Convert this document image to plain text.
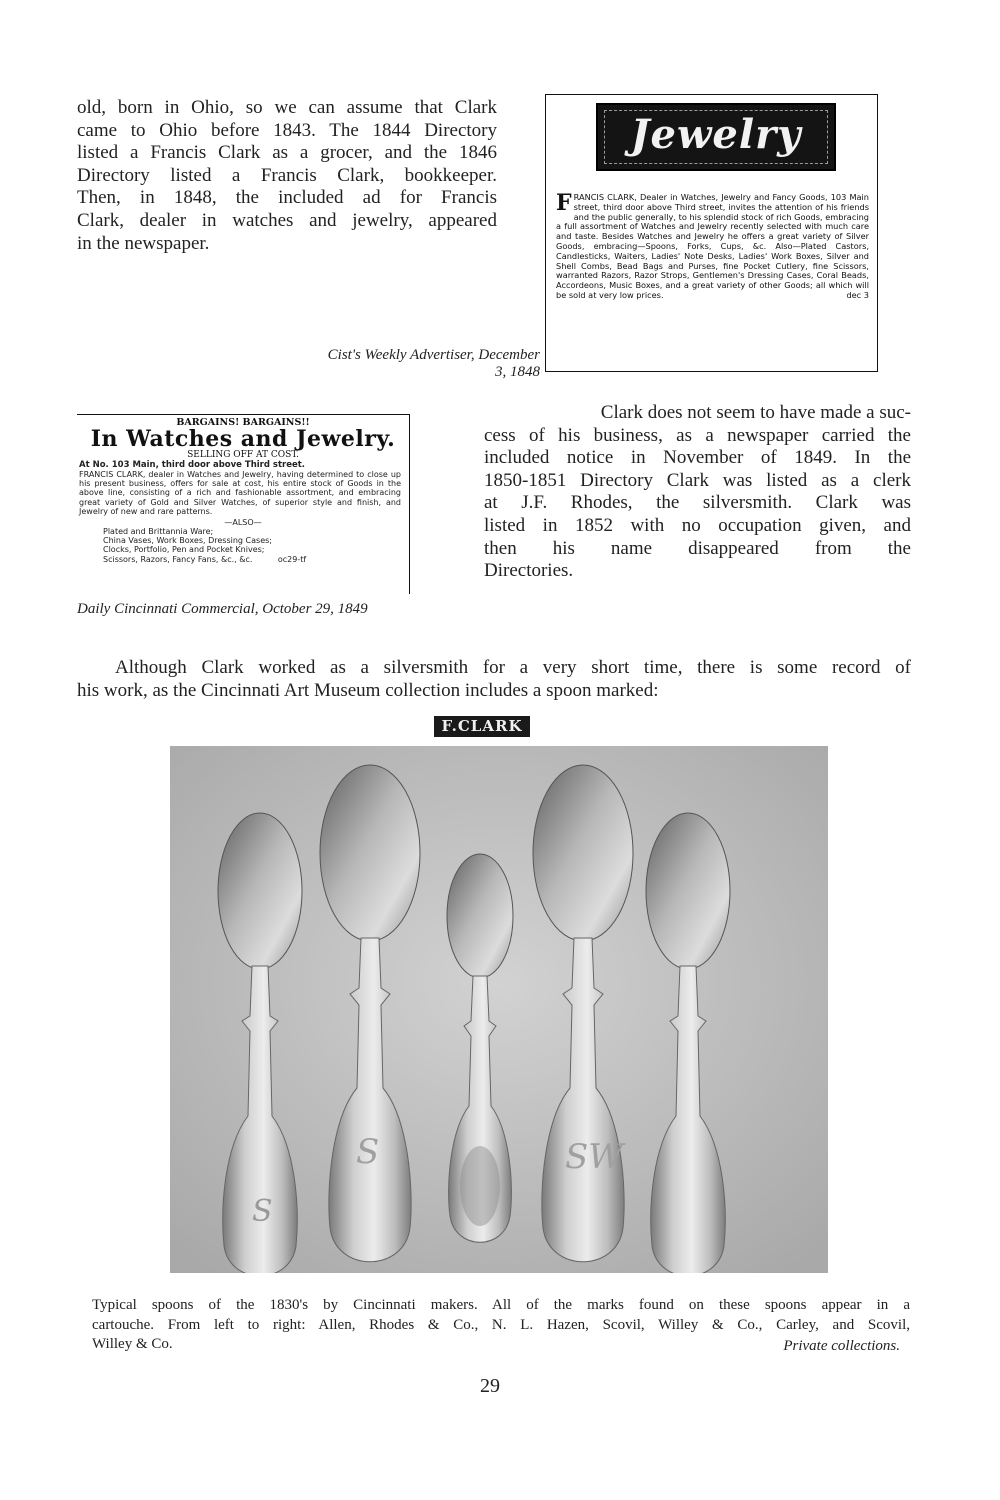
old, born in Ohio, so we can assume that Clark
came to Ohio before 1843. The 1844 Directory
listed a Francis Clark as a grocer, and the 1846
Directory listed a Francis Clark, bookkeeper.
Then, in 1848, the included ad for Francis
Clark, dealer in watches and jewelry, appeared
in the newspaper.
Jewelry
FRANCIS CLARK, Dealer in Watches, Jewelry and Fancy Goods, 103 Main street, third door above Third street, invites the attention of his friends and the public generally, to his splendid stock of rich Goods, embracing a full assortment of Watches and Jewelry recently selected with much care and taste. Besides Watches and Jewelry he offers a great variety of Silver Goods, embracing—Spoons, Forks, Cups, &c. Also—Plated Castors, Candlesticks, Waiters, Ladies' Note Desks, Ladies' Work Boxes, Silver and Shell Combs, Bead Bags and Purses, fine Pocket Cutlery, fine Scissors, warranted Razors, Razor Strops, Gentlemen's Dressing Cases, Coral Beads, Accordeons, Music Boxes, and a great variety of other Goods; all which will be sold at very low prices.	dec 3
Cist's Weekly Advertiser, December 3, 1848
BARGAINS! BARGAINS!!
In Watches and Jewelry.
SELLING OFF AT COST.
At No. 103 Main, third door above Third street.
FRANCIS CLARK, dealer in Watches and Jewelry, having determined to close up his present business, offers for sale at cost, his entire stock of Goods in the above line, consisting of a rich and fashionable assortment, and embracing great variety of Gold and Silver Watches, of superior style and finish, and Jewelry of new and rare patterns.
—ALSO—
Plated and Brittannia Ware;
China Vases, Work Boxes, Dressing Cases;
Clocks, Portfolio, Pen and Pocket Knives;
Scissors, Razors, Fancy Fans, &c., &c.          oc29-tf
Daily Cincinnati Commercial, October 29, 1849
Clark does not seem to have made a suc-
cess of his business, as a newspaper carried the
included notice in November of 1849. In the
1850-1851 Directory Clark was listed as a clerk
at J.F. Rhodes, the silversmith. Clark was
listed in 1852 with no occupation given, and
then his name disappeared from the
Directories.
Although Clark worked as a silversmith for a very short time, there is some record of
his work, as the Cincinnati Art Museum collection includes a spoon marked:
F.CLARK
S
S	SW
Typical spoons of the 1830's by Cincinnati makers. All of the marks found on these spoons appear in a
cartouche. From left to right: Allen, Rhodes & Co., N. L. Hazen, Scovil, Willey & Co., Carley, and Scovil,
Willey & Co.	Private collections.
29
